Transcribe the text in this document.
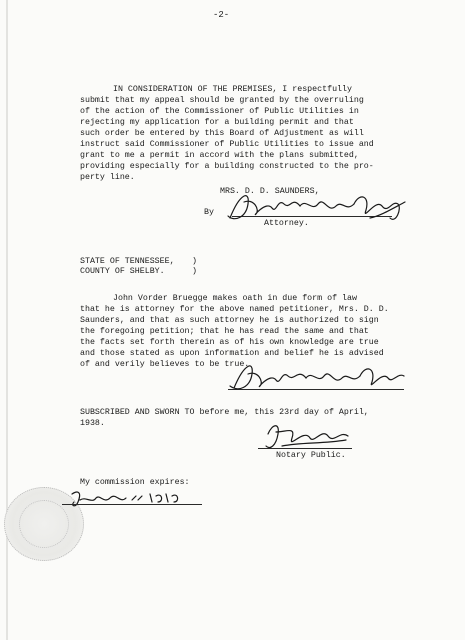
-2-
IN CONSIDERATION OF THE PREMISES, I respectfully
submit that my appeal should be granted by the overruling
of the action of the Commissioner of Public Utilities in
rejecting my application for a building permit and that
such order be entered by this Board of Adjustment as will
instruct said Commissioner of Public Utilities to issue and
grant to me a permit in accord with the plans submitted,
providing especially for a building constructed to the pro-
perty line.
MRS. D. D. SAUNDERS,
By
Attorney.
STATE OF TENNESSEE,
COUNTY OF SHELBY.
)
)
John Vorder Bruegge makes oath in due form of law
that he is attorney for the above named petitioner, Mrs. D. D.
Saunders, and that as such attorney he is authorized to sign
the foregoing petition; that he has read the same and that
the facts set forth therein as of his own knowledge are true
and those stated as upon information and belief he is advised
of and verily believes to be true.
SUBSCRIBED AND SWORN TO before me, this 23rd day of April,
1938.
Notary Public.
My commission expires:
